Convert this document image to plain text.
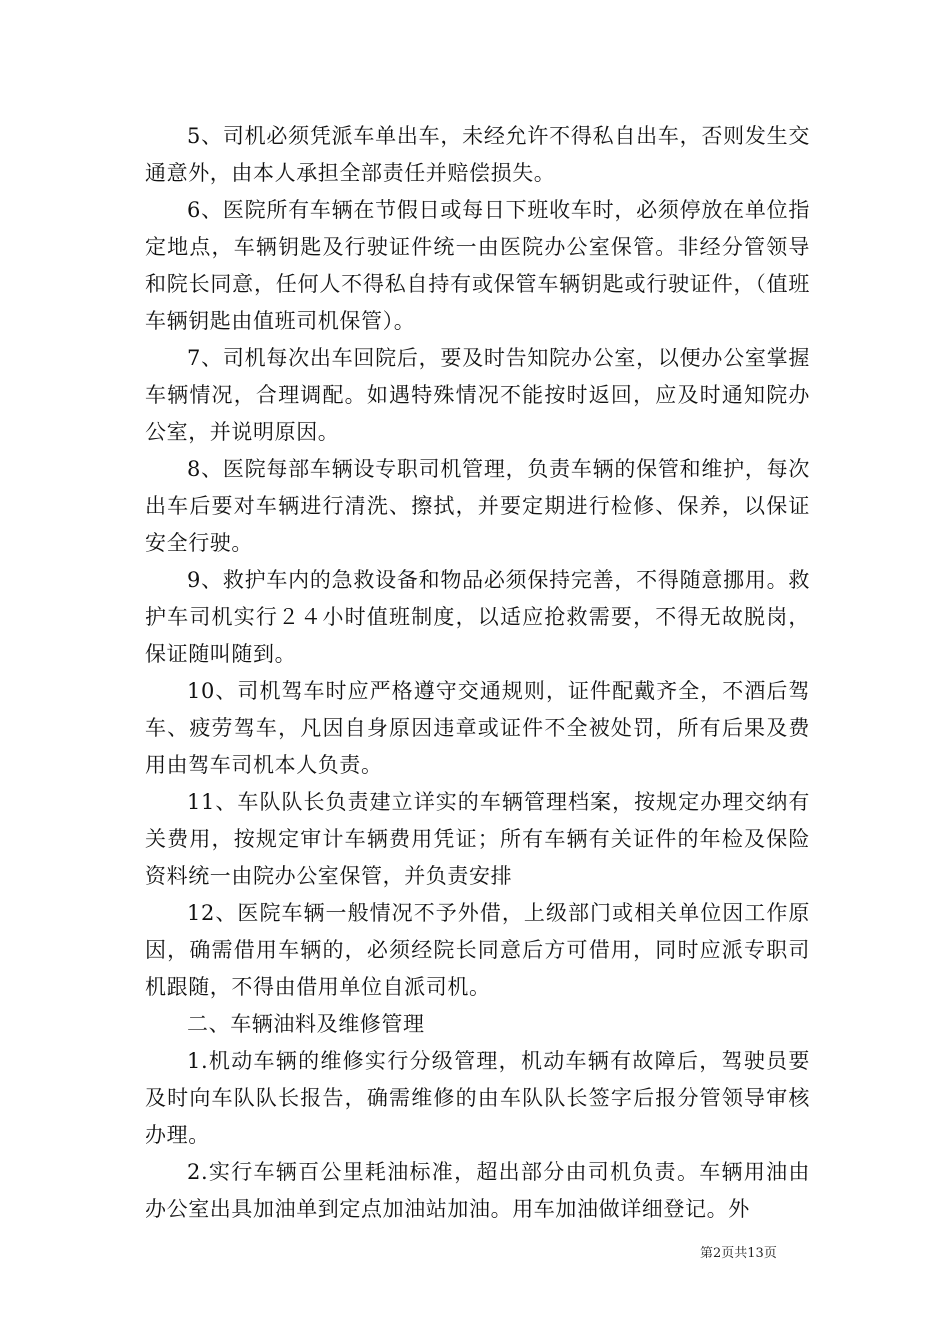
5、司机必须凭派车单出车，未经允许不得私自出车，否则发生交通意外，由本人承担全部责任并赔偿损失。

6、医院所有车辆在节假日或每日下班收车时，必须停放在单位指定地点，车辆钥匙及行驶证件统一由医院办公室保管。非经分管领导和院长同意，任何人不得私自持有或保管车辆钥匙或行驶证件，（值班车辆钥匙由值班司机保管）。

7、司机每次出车回院后，要及时告知院办公室，以便办公室掌握车辆情况，合理调配。如遇特殊情况不能按时返回，应及时通知院办公室，并说明原因。

8、医院每部车辆设专职司机管理，负责车辆的保管和维护，每次出车后要对车辆进行清洗、擦拭，并要定期进行检修、保养，以保证安全行驶。

9、救护车内的急救设备和物品必须保持完善，不得随意挪用。救护车司机实行２４小时值班制度，以适应抢救需要，不得无故脱岗，保证随叫随到。

10、司机驾车时应严格遵守交通规则，证件配戴齐全，不酒后驾车、疲劳驾车，凡因自身原因违章或证件不全被处罚，所有后果及费用由驾车司机本人负责。

11、车队队长负责建立详实的车辆管理档案，按规定办理交纳有关费用，按规定审计车辆费用凭证；所有车辆有关证件的年检及保险资料统一由院办公室保管，并负责安排

12、医院车辆一般情况不予外借，上级部门或相关单位因工作原因，确需借用车辆的，必须经院长同意后方可借用，同时应派专职司机跟随，不得由借用单位自派司机。

二、车辆油料及维修管理

1.机动车辆的维修实行分级管理，机动车辆有故障后，驾驶员要及时向车队队长报告，确需维修的由车队队长签字后报分管领导审核办理。

2.实行车辆百公里耗油标准，超出部分由司机负责。车辆用油由办公室出具加油单到定点加油站加油。用车加油做详细登记。外

第2页共13页
